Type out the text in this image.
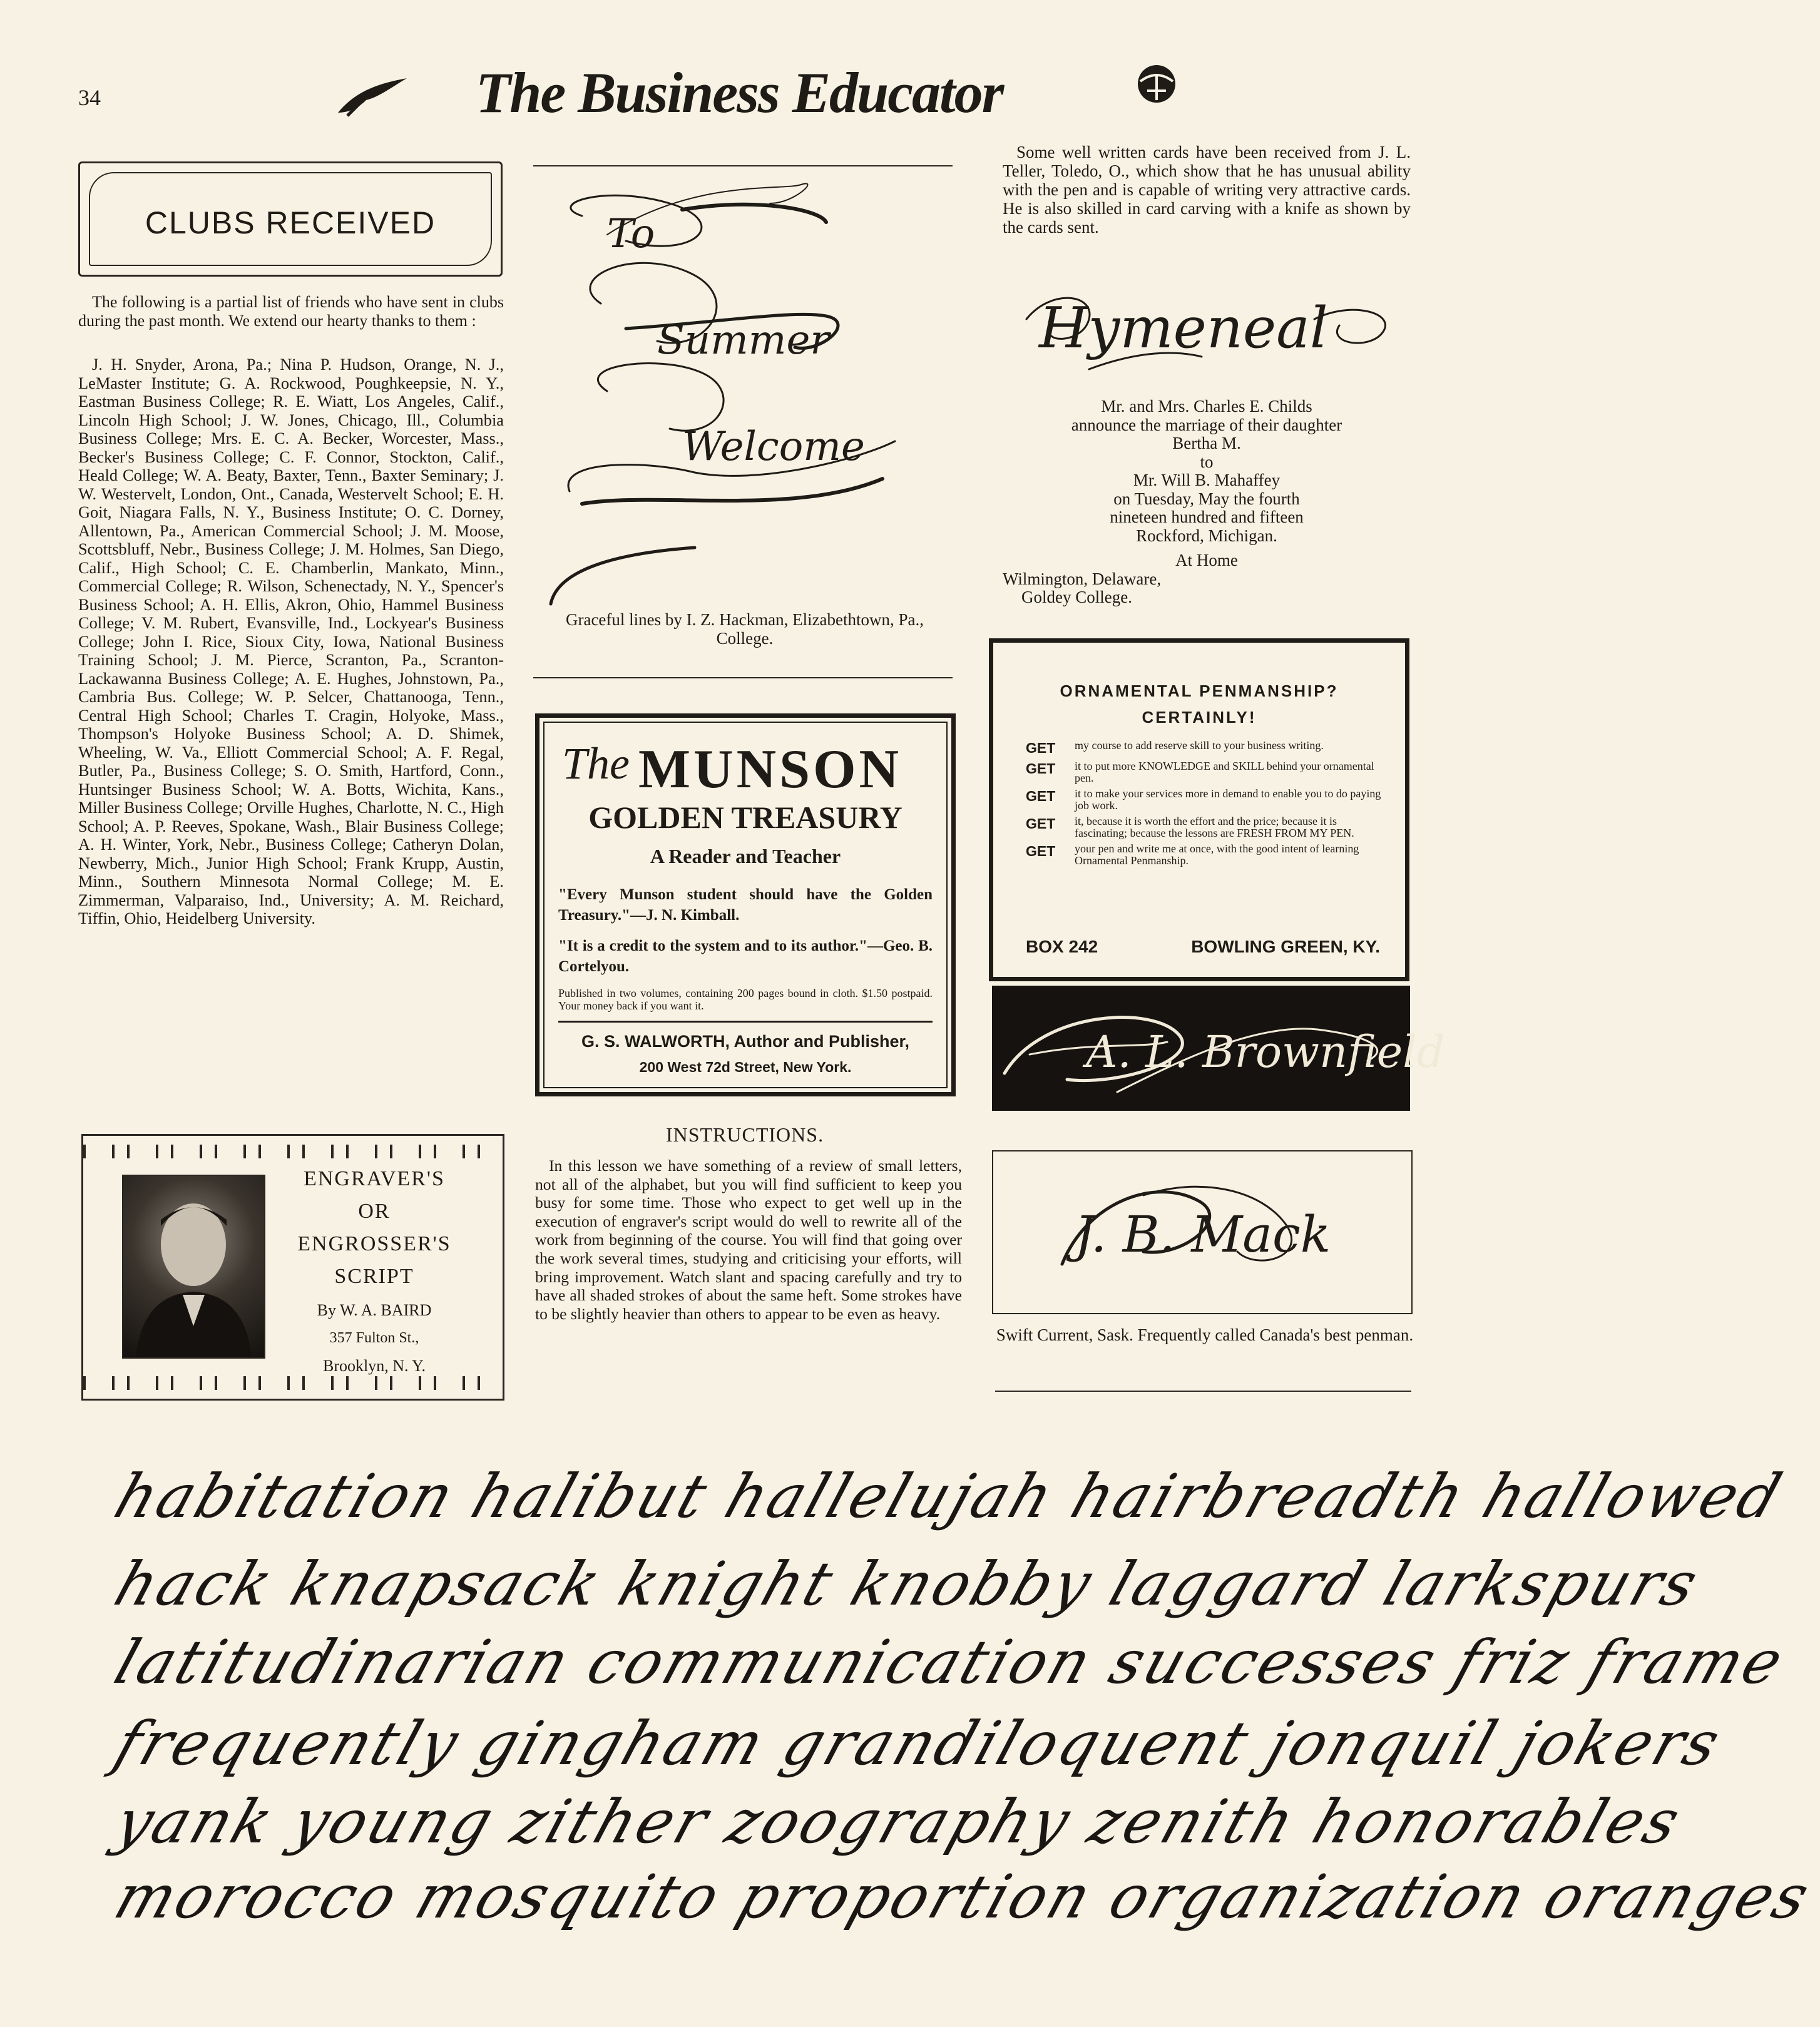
34	The Business Educator
CLUBS RECEIVED
The following is a partial list of friends who have sent in clubs during the past month. We extend our hearty thanks to them :
J. H. Snyder, Arona, Pa.; Nina P. Hudson, Orange, N. J., LeMaster Institute; G. A. Rockwood, Poughkeepsie, N. Y., Eastman Business College; R. E. Wiatt, Los Angeles, Calif., Lincoln High School; J. W. Jones, Chicago, Ill., Columbia Business College; Mrs. E. C. A. Becker, Worcester, Mass., Becker's Business College; C. F. Connor, Stockton, Calif., Heald College; W. A. Beaty, Baxter, Tenn., Baxter Seminary; J. W. Westervelt, London, Ont., Canada, Westervelt School; E. H. Goit, Niagara Falls, N. Y., Business Institute; O. C. Dorney, Allentown, Pa., American Commercial School; J. M. Moose, Scottsbluff, Nebr., Business College; J. M. Holmes, San Diego, Calif., High School; C. E. Chamberlin, Mankato, Minn., Commercial College; R. Wilson, Schenectady, N. Y., Spencer's Business School; A. H. Ellis, Akron, Ohio, Hammel Business College; V. M. Rubert, Evansville, Ind., Lockyear's Business College; John I. Rice, Sioux City, Iowa, National Business Training School; J. M. Pierce, Scranton, Pa., Scranton-Lackawanna Business College; A. E. Hughes, Johnstown, Pa., Cambria Bus. College; W. P. Selcer, Chattanooga, Tenn., Central High School; Charles T. Cragin, Holyoke, Mass., Thompson's Holyoke Business School; A. D. Shimek, Wheeling, W. Va., Elliott Commercial School; A. F. Regal, Butler, Pa., Business College; S. O. Smith, Hartford, Conn., Huntsinger Business School; W. A. Botts, Wichita, Kans., Miller Business College; Orville Hughes, Charlotte, N. C., High School; A. P. Reeves, Spokane, Wash., Blair Business College; A. H. Winter, York, Nebr., Business College; Catheryn Dolan, Newberry, Mich., Junior High School; Frank Krupp, Austin, Minn., Southern Minnesota Normal College; M. E. Zimmerman, Valparaiso, Ind., University; A. M. Reichard, Tiffin, Ohio, Heidelberg University.
ENGRAVER'S
OR
ENGROSSER'S
SCRIPT
By W. A. BAIRD
357 Fulton St.,
Brooklyn, N. Y.
To
Summer
Welcome
Graceful lines by I. Z. Hackman, Elizabethtown, Pa., College.
The MUNSON
GOLDEN TREASURY
A Reader and Teacher
"Every Munson student should have the Golden Treasury."—J. N. Kimball.
"It is a credit to the system and to its author."—Geo. B. Cortelyou.
Published in two volumes, containing 200 pages bound in cloth. $1.50 postpaid. Your money back if you want it.
G. S. WALWORTH, Author and Publisher,
200 West 72d Street, New York.
INSTRUCTIONS.
In this lesson we have something of a review of small letters, not all of the alphabet, but you will find sufficient to keep you busy for some time. Those who expect to get well up in the execution of engraver's script would do well to rewrite all of the work from beginning of the course. You will find that going over the work several times, studying and criticising your efforts, will bring improvement. Watch slant and spacing carefully and try to have all shaded strokes of about the same heft. Some strokes have to be slightly heavier than others to appear to be even as heavy.
Some well written cards have been received from J. L. Teller, Toledo, O., which show that he has unusual ability with the pen and is capable of writing very attractive cards. He is also skilled in card carving with a knife as shown by the cards sent.
Hymeneal
Mr. and Mrs. Charles E. Childs
announce the marriage of their daughter
Bertha M.
to
Mr. Will B. Mahaffey
on Tuesday, May the fourth
nineteen hundred and fifteen
Rockford, Michigan.
At Home
Wilmington, Delaware,
Goldey College.
ORNAMENTAL PENMANSHIP?
CERTAINLY!
GET	my course to add reserve skill to your business writing.
GET	it to put more KNOWLEDGE and SKILL behind your ornamental pen.
GET	it to make your services more in demand to enable you to do paying job work.
GET	it, because it is worth the effort and the price; because it is fascinating; because the lessons are FRESH FROM MY PEN.
GET	your pen and write me at once, with the good intent of learning Ornamental Penmanship.
BOX 242	BOWLING GREEN, KY.
A. L. Brownfield
J. B. Mack
Swift Current, Sask. Frequently called Canada's best penman.
habitation halibut hallelujah hairbreadth hallowed
hack knapsack knight knobby laggard larkspurs
latitudinarian communication successes friz frame
frequently gingham grandiloquent jonquil jokers
yank young zither zoography zenith honorables
morocco mosquito proportion organization oranges
